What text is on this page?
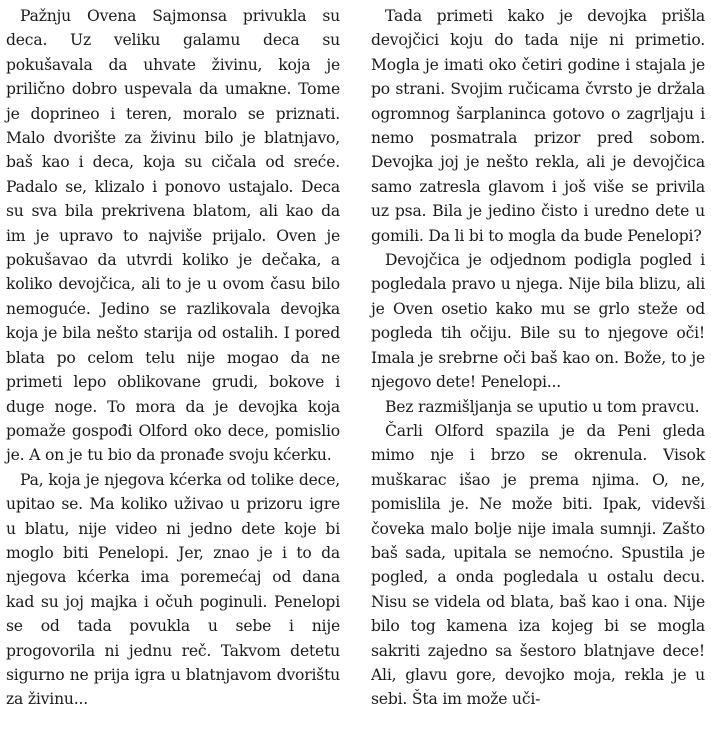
Pažnju Ovena Sajmonsa privukla su deca. Uz veliku galamu deca su pokušavala da uhvate živinu, koja je prilično dobro uspevala da umakne. Tome je doprineo i teren, moralo se priznati. Malo dvorište za živinu bilo je blatnjavo, baš kao i deca, koja su cičala od sreće. Padalo se, klizalo i ponovo ustajalo. Deca su sva bila prekrivena blatom, ali kao da im je upravo to najviše prijalo. Oven je pokušavao da utvrdi koliko je dečaka, a koliko devojčica, ali to je u ovom času bilo nemoguće. Jedino se razlikovala devojka koja je bila nešto starija od ostalih. I pored blata po celom telu nije mogao da ne primeti lepo oblikovane grudi, bokove i duge noge. To mora da je devojka koja pomaže gospođi Olford oko dece, pomislio je. A on je tu bio da pronađe svoju kćerku.

Pa, koja je njegova kćerka od tolike dece, upitao se. Ma koliko uživao u prizoru igre u blatu, nije video ni jedno dete koje bi moglo biti Penelopi. Jer, znao je i to da njegova kćerka ima poremećaj od dana kad su joj majka i očuh poginuli. Penelopi se od tada povukla u sebe i nije progovorila ni jednu reč. Takvom detetu sigurno ne prija igra u blatnjavom dvorištu za živinu...

Tada primeti kako je devojka prišla devojčici koju do tada nije ni primetio. Mogla je imati oko četiri godine i stajala je po strani. Svojim ručicama čvrsto je držala ogromnog šarplaninca gotovo o zagrljaju i nemo posmatrala prizor pred sobom. Devojka joj je nešto rekla, ali je devojčica samo zatresla glavom i još više se privila uz psa. Bila je jedino čisto i uredno dete u gomili. Da li bi to mogla da bude Penelopi?

Devojčica je odjednom podigla pogled i pogledala pravo u njega. Nije bila blizu, ali je Oven osetio kako mu se grlo steže od pogleda tih očiju. Bile su to njegove oči! Imala je srebrne oči baš kao on. Bože, to je njegovo dete! Penelopi...

Bez razmišljanja se uputio u tom pravcu.

Čarli Olford spazila je da Peni gleda mimo nje i brzo se okrenula. Visok muškarac išao je prema njima. O, ne, pomislila je. Ne može biti. Ipak, videvši čoveka malo bolje nije imala sumnji. Zašto baš sada, upitala se nemoćno. Spustila je pogled, a onda pogledala u ostalu decu. Nisu se videla od blata, baš kao i ona. Nije bilo tog kamena iza kojeg bi se mogla sakriti zajedno sa šestoro blatnjave dece! Ali, glavu gore, devojko moja, rekla je u sebi. Šta im može uči-
